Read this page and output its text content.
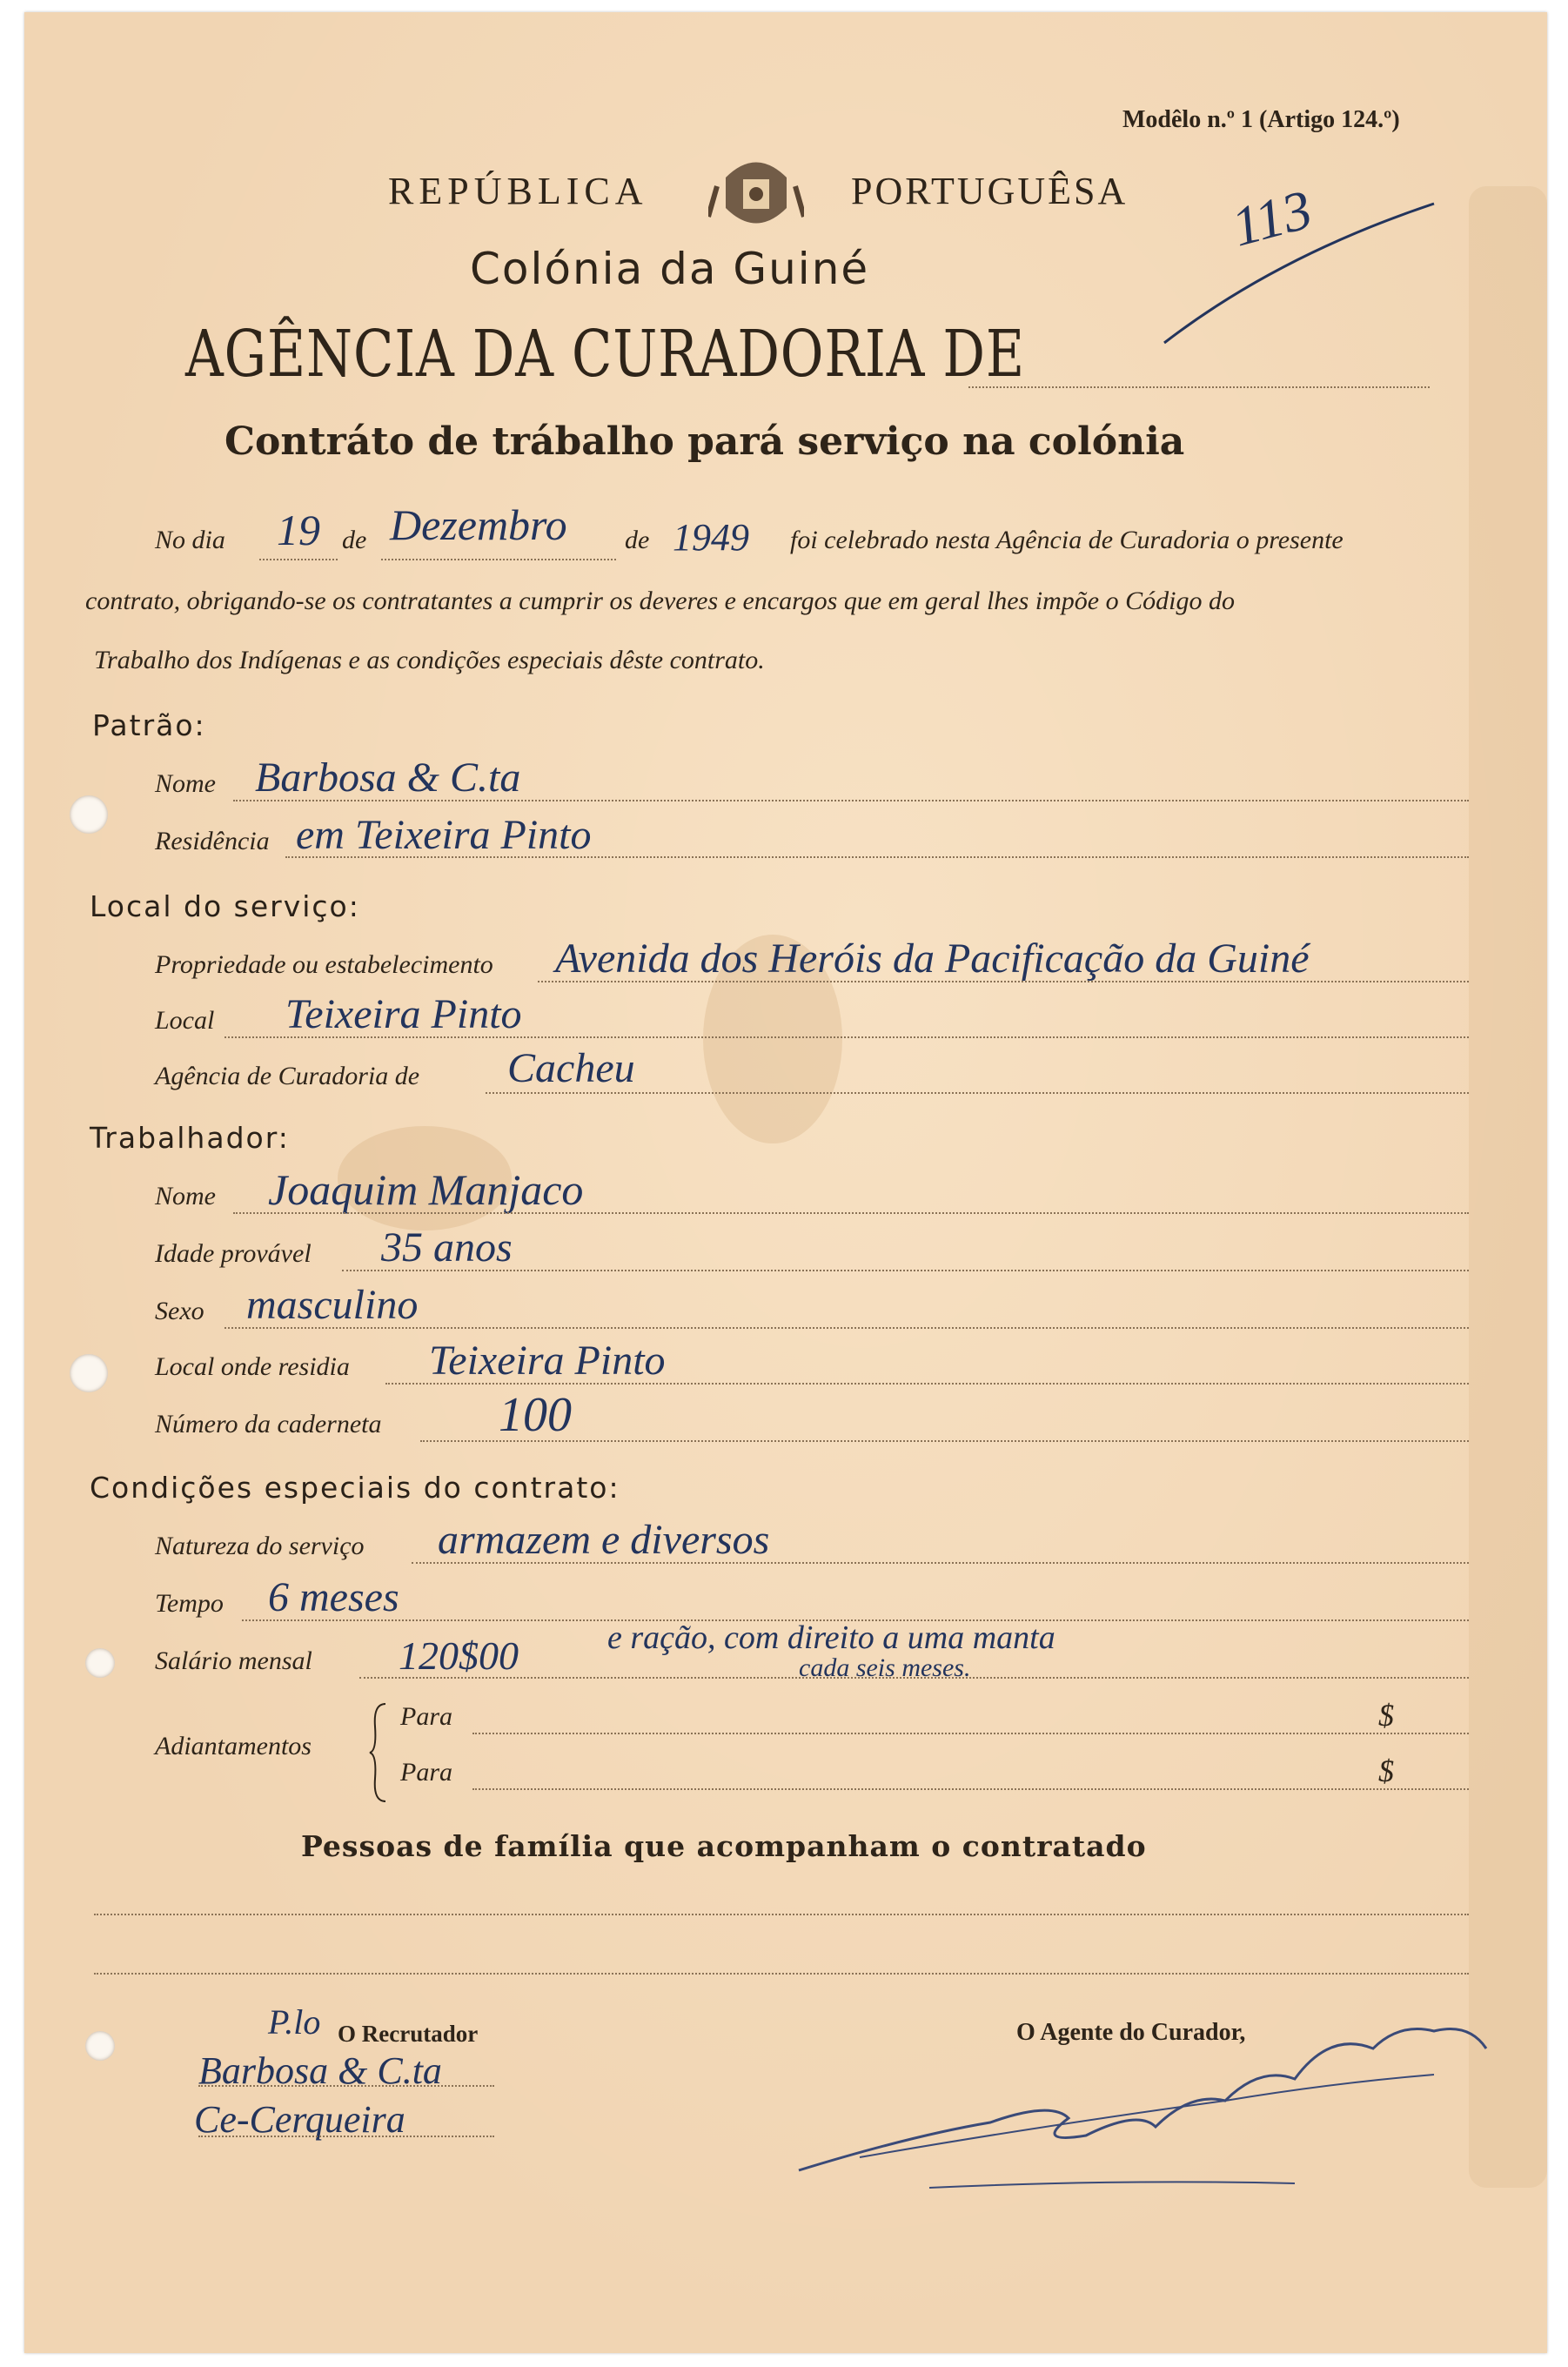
Modêlo n.º 1 (Artigo 124.º)
REPÚBLICA	PORTUGUÊSA
Colónia da Guiné
AGÊNCIA DA CURADORIA DE
Contráto de trábalho pará serviço na colónia
113
No dia 19 de Dezembro de 1949 foi celebrado nesta Agência de Curadoria o presente
contrato, obrigando-se os contratantes a cumprir os deveres e encargos que em geral lhes impõe o Código do
Trabalho dos Indígenas e as condições especiais dêste contrato.
Patrão:
Nome Barbosa & C.ta
Residência em Teixeira Pinto
Local do serviço:
Propriedade ou estabelecimento Avenida dos Heróis da Pacificação da Guiné
Local Teixeira Pinto
Agência de Curadoria de Cacheu
Trabalhador:
Nome Joaquim Manjaco
Idade provável 35 anos
Sexo masculino
Local onde residia Teixeira Pinto
Número da caderneta 100
Condições especiais do contrato:
Natureza do serviço armazem e diversos
Tempo 6 meses
Salário mensal 120$00	e ração, com direito a uma manta
cada seis meses.
Adiantamentos
Para	$
Para	$
Pessoas de família que acompanham o contratado
O Recrutador
P.lo
Barbosa & C.ta
Ce-Cerqueira
O Agente do Curador,
